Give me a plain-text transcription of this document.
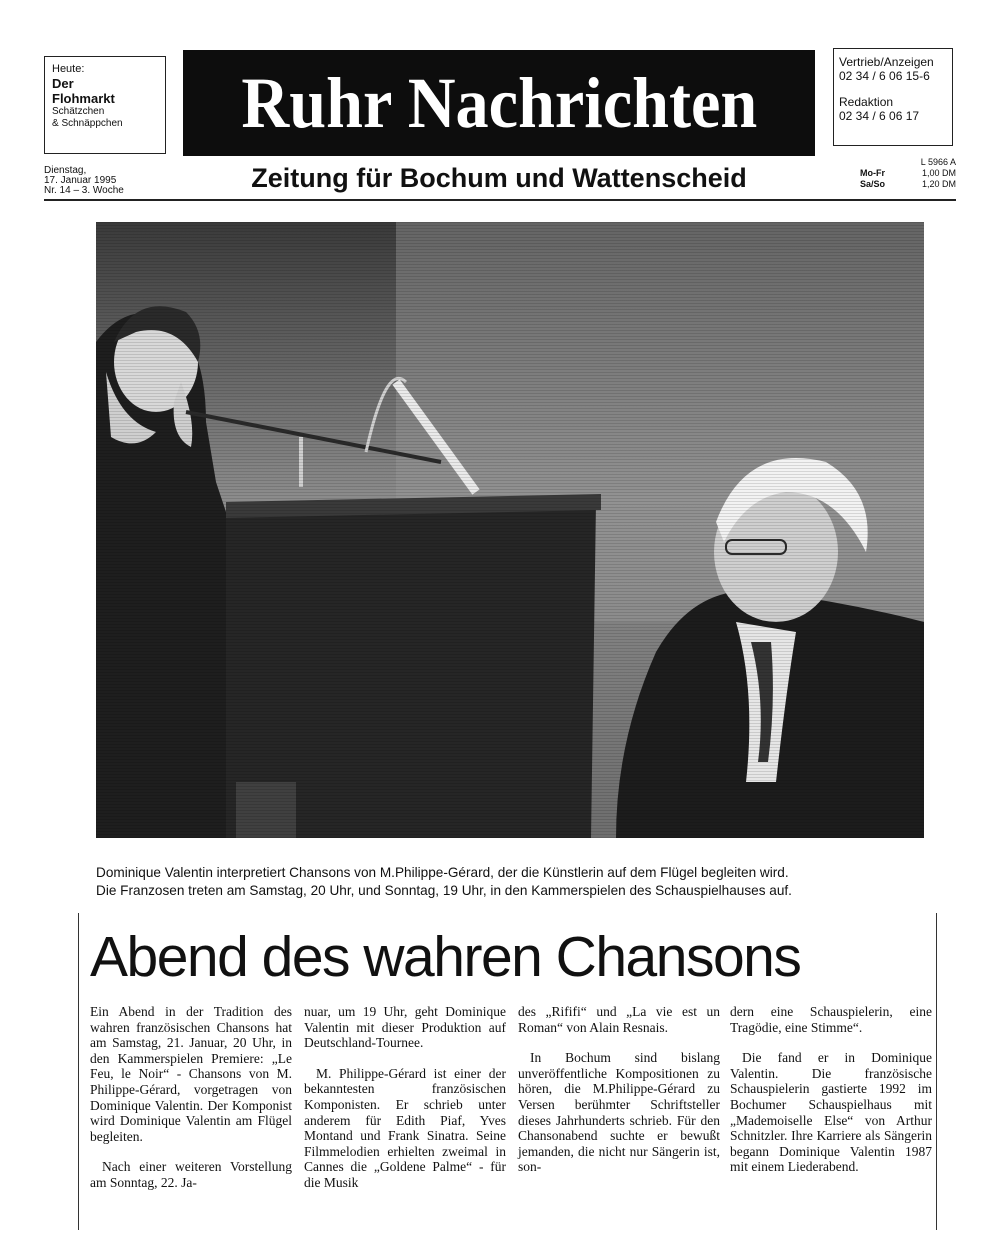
Heute:
Der
Flohmarkt
Schätzchen
& Schnäppchen	Ruhr Nachrichten
Vertrieb/Anzeigen
02 34 / 6 06 15-6
Redaktion
02 34 / 6 06 17
Dienstag,
17. Januar 1995
Nr. 14 – 3. Woche	Zeitung für Bochum und Wattenscheid
L 5966 A
Mo-Fr	1,00 DM
Sa/So	1,20 DM
Dominique Valentin interpretiert Chansons von M.Philippe-Gérard, der die Künstlerin auf dem Flügel begleiten wird.
Die Franzosen treten am Samstag, 20 Uhr, und Sonntag, 19 Uhr, in den Kammerspielen des Schauspielhauses auf.
Abend des wahren Chansons

Ein Abend in der Tradition des wahren französischen Chansons hat am Samstag, 21. Januar, 20 Uhr, in den Kammerspielen Premiere: „Le Feu, le Noir“ - Chansons von M. Philippe-Gérard, vorgetragen von Dominique Valentin. Der Komponist wird Dominique Valentin am Flügel begleiten.

Nach einer weiteren Vorstellung am Sonntag, 22. Ja-

nuar, um 19 Uhr, geht Dominique Valentin mit dieser Produktion auf Deutschland-Tournee.

M. Philippe-Gérard ist einer der bekanntesten französischen Komponisten. Er schrieb unter anderem für Edith Piaf, Yves Montand und Frank Sinatra. Seine Filmmelodien erhielten zweimal in Cannes die „Goldene Palme“ - für die Musik

des „Rififi“ und „La vie est un Roman“ von Alain Resnais.

In Bochum sind bislang unveröffentliche Kompositionen zu hören, die M.Philippe-Gérard zu Versen berühmter Schriftsteller dieses Jahrhunderts schrieb. Für den Chansonabend suchte er bewußt jemanden, die nicht nur Sängerin ist, son-

dern eine Schauspielerin, eine Tragödie, eine Stimme“.

Die fand er in Dominique Valentin. Die französische Schauspielerin gastierte 1992 im Bochumer Schauspielhaus mit „Mademoiselle Else“ von Arthur Schnitzler. Ihre Karriere als Sängerin begann Dominique Valentin 1987 mit einem Liederabend.
